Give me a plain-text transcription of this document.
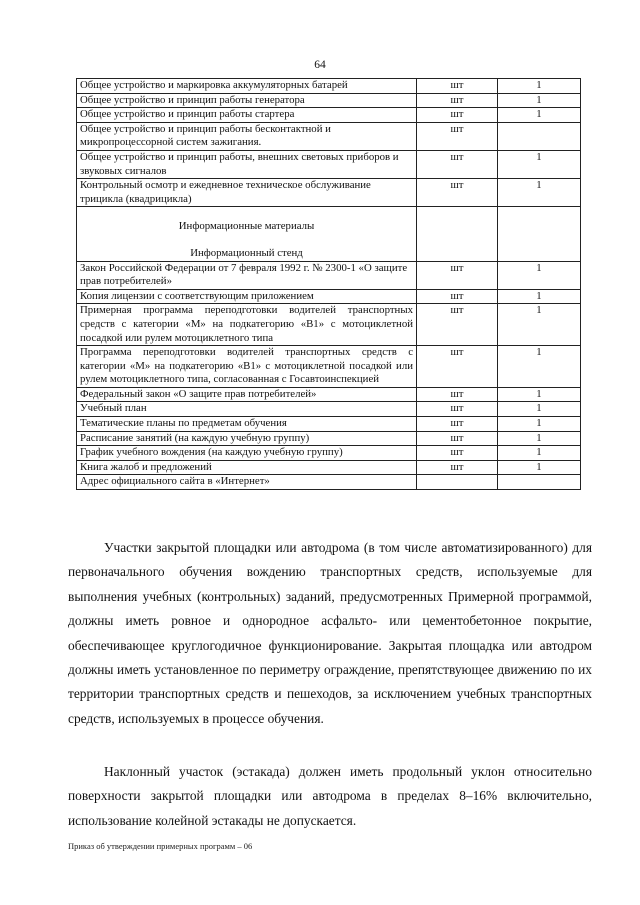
64
Общее устройство и маркировка аккумуляторных батарей	шт	1
Общее устройство и принцип работы генератора	шт	1
Общее устройство и принцип работы стартера	шт	1
Общее устройство и принцип работы бесконтактной и микропроцессорной систем зажигания.	шт	
Общее устройство и принцип работы, внешних световых приборов и звуковых сигналов	шт	1
Контрольный осмотр и ежедневное техническое обслуживание трицикла (квадрицикла)	шт	1

Информационные материалы
Информационный стенд		

Закон Российской Федерации от 7 февраля 1992 г. № 2300-1 «О защите прав потребителей»	шт	1
Копия лицензии с соответствующим приложением	шт	1
Примерная программа переподготовки водителей транспортных средств с категории «М» на подкатегорию «В1» с мотоциклетной посадкой или рулем мотоциклетного типа	шт	1
Программа переподготовки водителей транспортных средств с категории «М» на подкатегорию «В1» с мотоциклетной посадкой или рулем мотоциклетного типа, согласованная с Госавтоинспекцией	шт	1
Федеральный закон «О защите прав потребителей»	шт	1
Учебный план	шт	1
Тематические планы по предметам обучения	шт	1
Расписание занятий (на каждую учебную группу)	шт	1
График учебного вождения (на каждую учебную группу)	шт	1
Книга жалоб и предложений	шт	1
Адрес официального сайта в «Интернет»		

Участки закрытой площадки или автодрома (в том числе автоматизированного) для первоначального обучения вождению транспортных средств, используемые для выполнения учебных (контрольных) заданий, предусмотренных Примерной программой, должны иметь ровное и однородное асфальто- или цементобетонное покрытие, обеспечивающее круглогодичное функционирование. Закрытая площадка или автодром должны иметь установленное по периметру ограждение, препятствующее движению по их территории транспортных средств и пешеходов, за исключением учебных транспортных средств, используемых в процессе обучения.

Наклонный участок (эстакада) должен иметь продольный уклон относительно поверхности закрытой площадки или автодрома в пределах 8–16% включительно, использование колейной эстакады не допускается.

Приказ об утверждении примерных программ – 06
